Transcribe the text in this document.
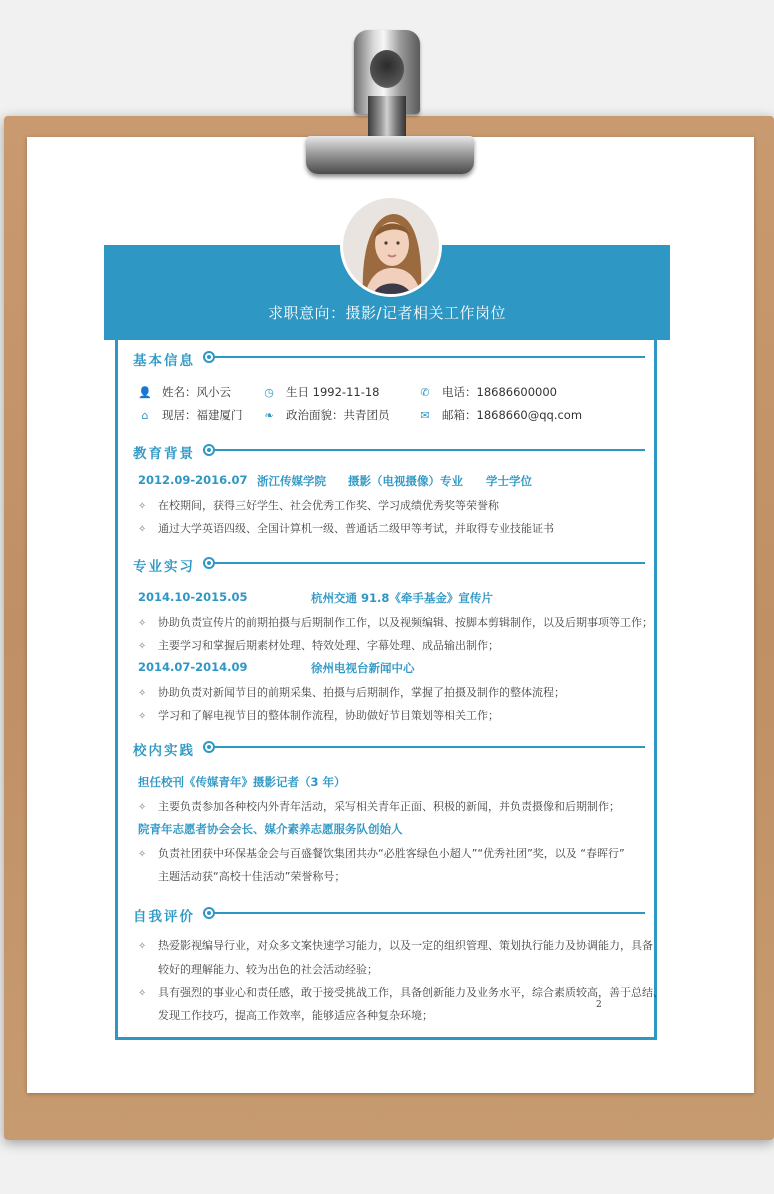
求职意向：摄影/记者相关工作岗位
基本信息
👤 姓名：风小云	◷ 生日 1992-11-18	✆ 电话：18686600000
⌂ 现居：福建厦门 ❧ 政治面貌：共青团员	✉ 邮箱：1868660@qq.com
教育背景
2012.09-2016.07 浙江传媒学院 摄影（电视摄像）专业 学士学位
✧ 在校期间，获得三好学生、社会优秀工作奖、学习成绩优秀奖等荣誉称
✧ 通过大学英语四级、全国计算机一级、普通话二级甲等考试，并取得专业技能证书
专业实习
2014.10-2015.05	杭州交通 91.8《牵手基金》宣传片
✧ 协助负责宣传片的前期拍摄与后期制作工作，以及视频编辑、按脚本剪辑制作，以及后期事项等工作；
✧ 主要学习和掌握后期素材处理、特效处理、字幕处理、成品输出制作；
2014.07-2014.09	徐州电视台新闻中心
✧ 协助负责对新闻节目的前期采集、拍摄与后期制作，掌握了拍摄及制作的整体流程；
✧ 学习和了解电视节目的整体制作流程，协助做好节目策划等相关工作；
校内实践
担任校刊《传媒青年》摄影记者（3 年）
✧ 主要负责参加各种校内外青年活动，采写相关青年正面、积极的新闻，并负责摄像和后期制作；
院青年志愿者协会会长、媒介素养志愿服务队创始人
✧ 负责社团获中环保基金会与百盛餐饮集团共办“必胜客绿色小超人”“优秀社团”奖，以及 “春晖行”
主题活动获“高校十佳活动”荣誉称号；
自我评价
✧ 热爱影视编导行业，对众多文案快速学习能力，以及一定的组织管理、策划执行能力及协调能力，具备
较好的理解能力、较为出色的社会活动经验；
✧ 具有强烈的事业心和责任感，敢于接受挑战工作，具备创新能力及业务水平，综合素质较高，善于总结、
发现工作技巧，提高工作效率，能够适应各种复杂环境；
2
